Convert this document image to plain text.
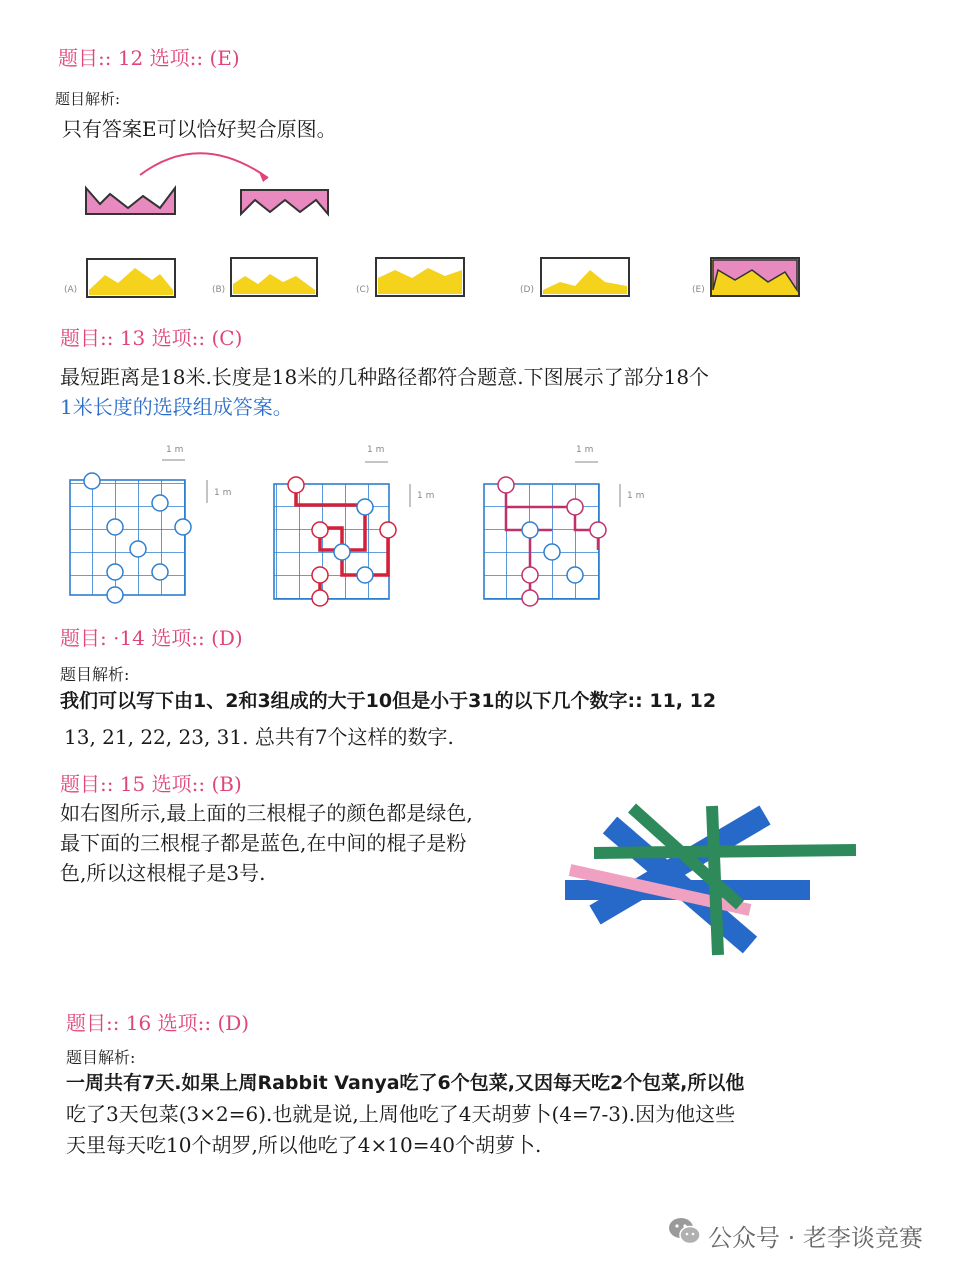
题目:: 12 选项:: (E)
题目解析:
只有答案E可以恰好契合原图。
(A)	(B)	(C)	(D)	(E)
题目:: 13 选项:: (C)
最短距离是18米.长度是18米的几种路径都符合题意.下图展示了部分18个
1米长度的选段组成答案。
1 m
1 m
1 m
1 m
1 m
1 m
题目: ·14 选项:: (D)
题目解析:
我们可以写下由1、2和3组成的大于10但是小于31的以下几个数字:: 11, 12
13, 21, 22, 23, 31. 总共有7个这样的数字.
题目:: 15 选项:: (B)
如右图所示,最上面的三根棍子的颜色都是绿色,
最下面的三根棍子都是蓝色,在中间的棍子是粉
色,所以这根棍子是3号.
题目:: 16 选项:: (D)
题目解析:
一周共有7天.如果上周Rabbit Vanya吃了6个包菜,又因每天吃2个包菜,所以他
吃了3天包菜(3×2=6).也就是说,上周他吃了4天胡萝卜(4=7-3).因为他这些
天里每天吃10个胡罗,所以他吃了4×10=40个胡萝卜.
公众号 · 老李谈竞赛
